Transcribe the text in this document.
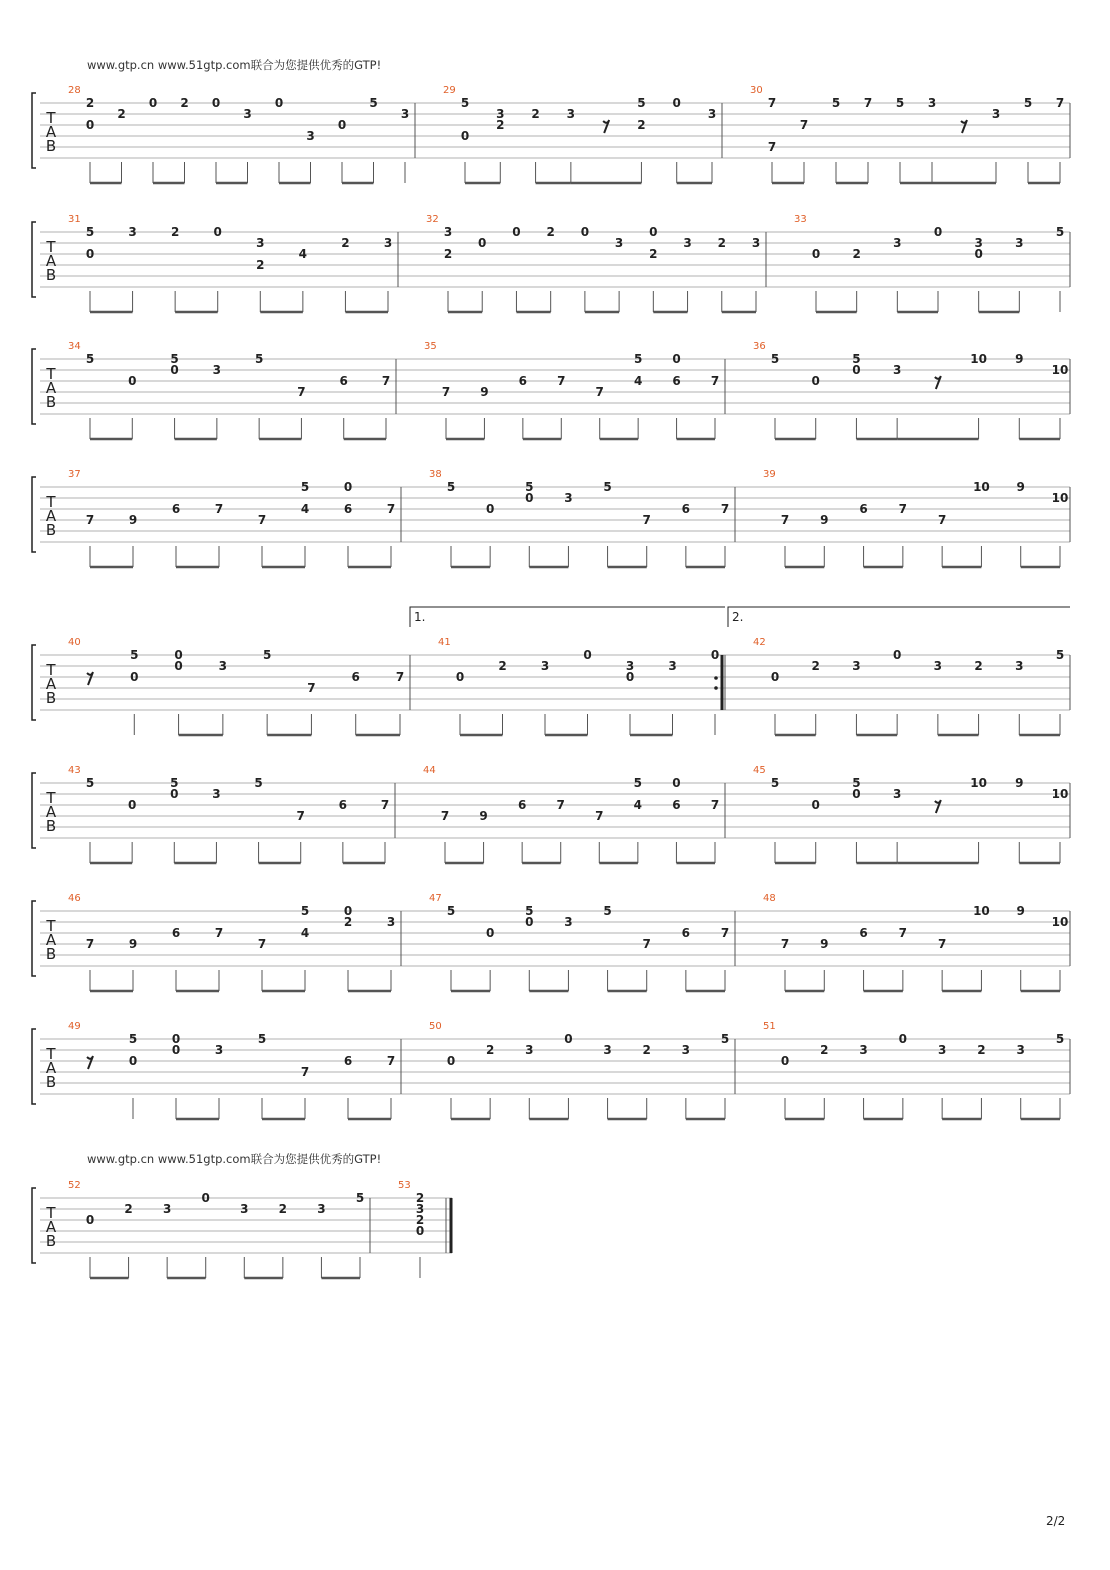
www.gtp.cn www.51gtp.com联合为您提供优秀的GTP!
www.gtp.cn www.51gtp.com联合为您提供优秀的GTP!
2/2
T
A
B
28
2
0
2
0 2 0
3
0
3
0
5
3
29
5
0
3
2
2 3
5
2
0
3
30
7
7
7
5 7 5 3
3
5 7
T
A
B
31
5
0
3	2	0
3
2
4
2	3
32
3
2
0
0 2 0
3
0
2
3 2 3
33
0	2
3
0
3
0
3
5
T
A
B
34
5
0
5
0	3
5
7
6	7
35
7	9
6	7
7
5
4
0
6	7
36
5
0
5
0	3
10 9
10
T
A
B
37
7	9
6	7
7
5
4
0
6	7
38
5
0
5
0	3
5
7
6	7
39
7	9
6	7
7
10 9
10
T
A
B
40
5
0
0
0	3
5
7
6	7
41
0
2	3
0
3
0
3
0
42
0
2	3
0
3	2	3
5
T
A
B
43
5
0
5
0	3
5
7
6	7
44
7	9
6	7
7
5
4
0
6	7
45
5
0
5
0	3
10 9
10
T
A
B
46
7	9
6	7
7
5
4
0
2	3
47
5
0
5
0	3
5
7
6	7
48
7	9
6	7
7
10 9
10
T
A
B
49
5
0
0
0	3
5
7
6	7
50
0
2	3
0
3	2	3
5
51
0
2	3
0
3	2	3
5
T
A
B
52
0
2	3
0
3	2	3
5
53
2
3
2
0
1.	2.
